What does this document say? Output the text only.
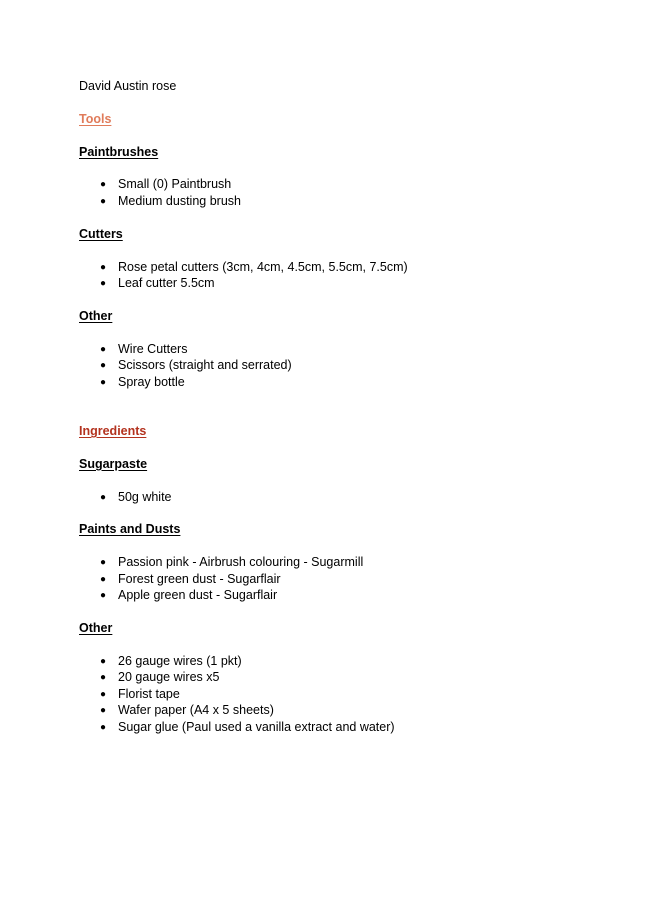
David Austin rose
Tools
Paintbrushes
● Small (0) Paintbrush
● Medium dusting brush
Cutters
● Rose petal cutters (3cm, 4cm, 4.5cm, 5.5cm, 7.5cm)
● Leaf cutter 5.5cm
Other
● Wire Cutters
● Scissors (straight and serrated)
● Spray bottle
Ingredients
Sugarpaste
● 50g white
Paints and Dusts
● Passion pink - Airbrush colouring - Sugarmill
● Forest green dust - Sugarflair
● Apple green dust - Sugarflair
Other
● 26 gauge wires (1 pkt)
● 20 gauge wires x5
● Florist tape
● Wafer paper (A4 x 5 sheets)
● Sugar glue (Paul used a vanilla extract and water)
